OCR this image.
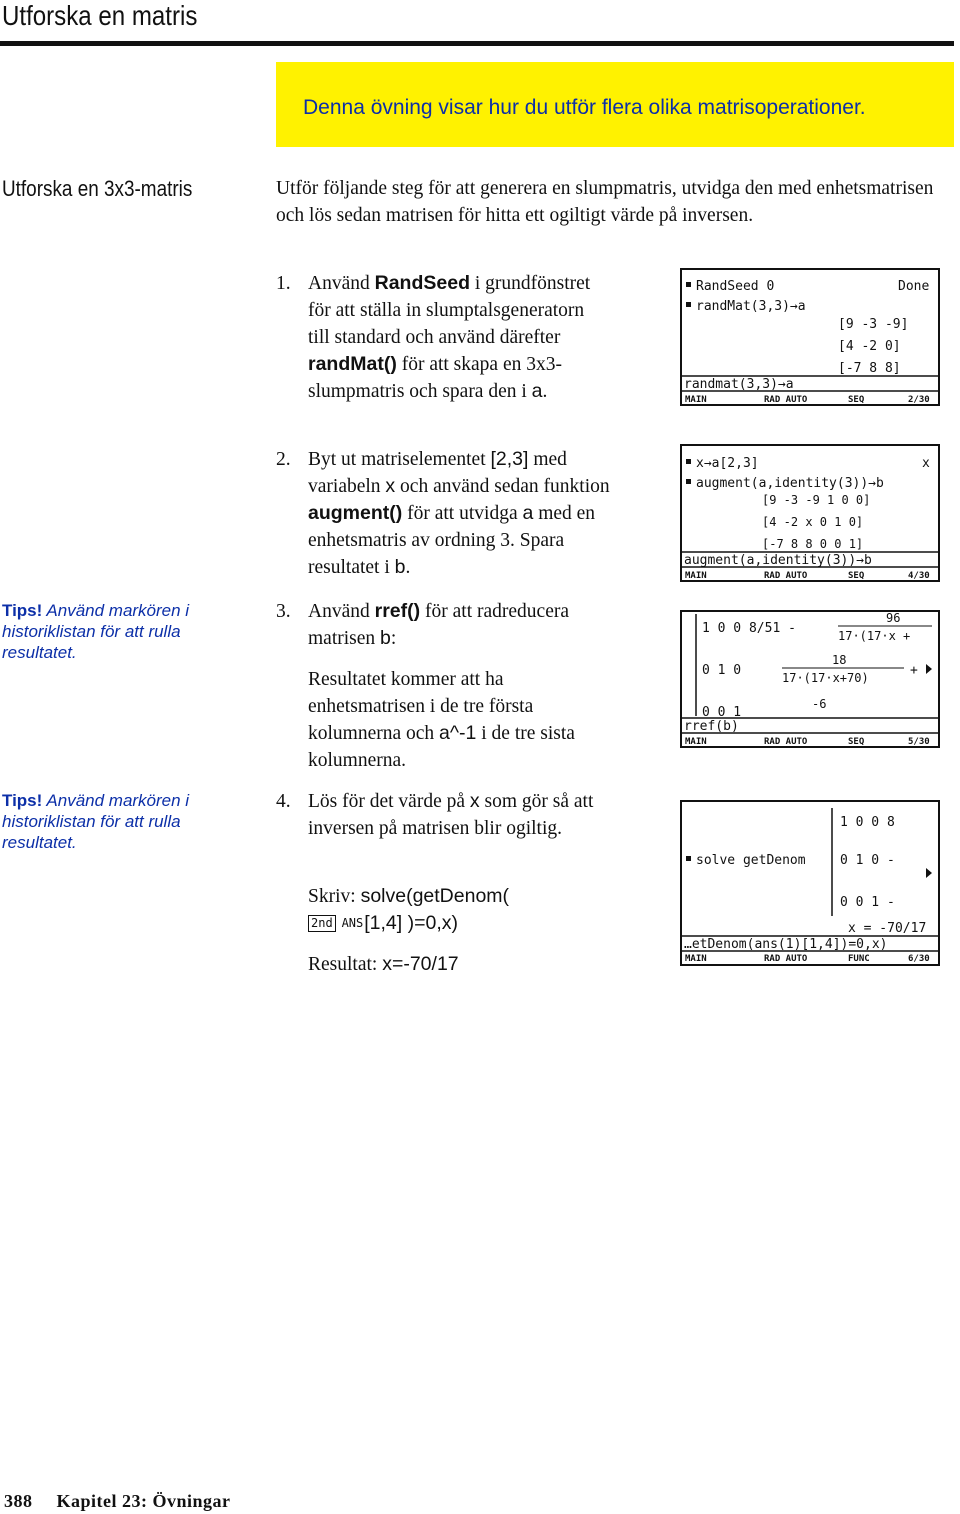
Utforska en matris
Denna övning visar hur du utför flera olika matrisoperationer.
Utforska en 3x3-matris	Utför följande steg för att generera en slumpmatris, utvidga den med enhetsmatrisen och lös sedan matrisen för hitta ett ogiltigt värde på inversen.
1. Använd RandSeed i grundfönstret för att ställa in slumptalsgeneratorn till standard och använd därefter randMat() för att skapa en 3x3-slumpmatris och spara den i a.
2. Byt ut matriselementet [2,3] med variabeln x och använd sedan funktion augment() för att utvidga a med en enhetsmatris av ordning 3. Spara resultatet i b.
3. Använd rref() för att radreducera matrisen b:
Resultatet kommer att ha enhetsmatrisen i de tre första kolumnerna och a^-1 i de tre sista kolumnerna.
4. Lös för det värde på x som gör så att inversen på matrisen blir ogiltig.
Skriv: solve(getDenom(
2nd ANS[1,4] )=0,x)
Resultat: x=-70/17
Tips! Använd markören i historiklistan för att rulla resultatet.
Tips! Använd markören i historiklistan för att rulla resultatet.
RandSeed 0	Done
randMat(3,3)→a
[9 -3 -9]
[4 -2 0]
[-7 8 8]
randmat(3,3)→a
MAIN	RAD AUTO	SEQ	2/30
x→a[2,3]	x
augment(a,identity(3))→b
[9 -3 -9 1 0 0]
[4 -2 x 0 1 0]
[-7 8 8 0 0 1]
augment(a,identity(3))→b
MAIN	RAD AUTO	SEQ	4/30
1 0 0 8/51 -
96
17·(17·x +
0 1 0
18
17·(17·x+70)	+
0 0 1
-6
rref(b)
MAIN	RAD AUTO	SEQ	5/30
solve getDenom
1 0 0 8
0 1 0 -
0 0 1 -
x = -70/17
…etDenom(ans(1)[1,4])=0,x)
MAIN	RAD AUTO	FUNC	6/30
388 Kapitel 23: Övningar
